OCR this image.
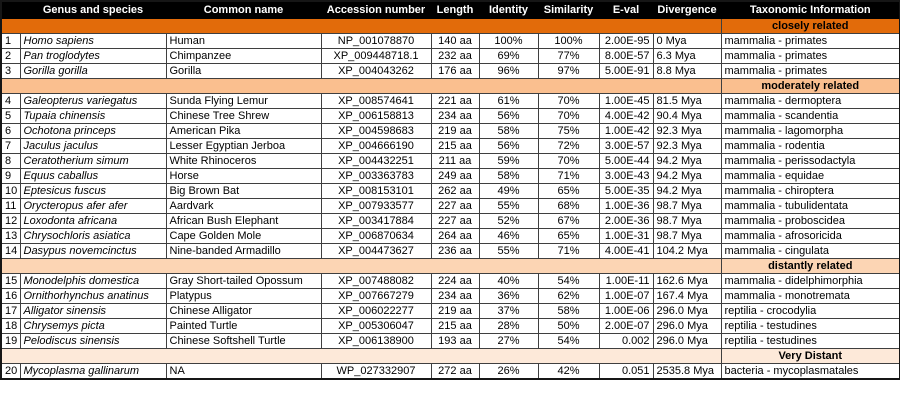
	Genus and species	Common name	Accession number	Length	Identity	Similarity	E-val	Divergence	Taxonomic Information
									closely related
1	Homo sapiens	Human	NP_001078870	140 aa	100%	100%	2.00E-95	0 Mya	mammalia - primates
2	Pan troglodytes	Chimpanzee	XP_009448718.1	232 aa	69%	77%	8.00E-57	6.3 Mya	mammalia - primates
3	Gorilla gorilla	Gorilla	XP_004043262	176 aa	96%	97%	5.00E-91	8.8 Mya	mammalia - primates
									moderately related
4	Galeopterus variegatus	Sunda Flying Lemur	XP_008574641	221 aa	61%	70%	1.00E-45	81.5 Mya	mammalia - dermoptera
5	Tupaia chinensis	Chinese Tree Shrew	XP_006158813	234 aa	56%	70%	4.00E-42	90.4 Mya	mammalia - scandentia
6	Ochotona princeps	American Pika	XP_004598683	219 aa	58%	75%	1.00E-42	92.3 Mya	mammalia - lagomorpha
7	Jaculus jaculus	Lesser Egyptian Jerboa	XP_004666190	215 aa	56%	72%	3.00E-57	92.3 Mya	mammalia - rodentia
8	Ceratotherium simum	White Rhinoceros	XP_004432251	211 aa	59%	70%	5.00E-44	94.2 Mya	mammalia - perissodactyla
9	Equus caballus	Horse	XP_003363783	249 aa	58%	71%	3.00E-43	94.2 Mya	mammalia - equidae
10	Eptesicus fuscus	Big Brown Bat	XP_008153101	262 aa	49%	65%	5.00E-35	94.2 Mya	mammalia - chiroptera
11	Orycteropus afer afer	Aardvark	XP_007933577	227 aa	55%	68%	1.00E-36	98.7 Mya	mammalia - tubulidentata
12	Loxodonta africana	African Bush Elephant	XP_003417884	227 aa	52%	67%	2.00E-36	98.7 Mya	mammalia - proboscidea
13	Chrysochloris asiatica	Cape Golden Mole	XP_006870634	264 aa	46%	65%	1.00E-31	98.7 Mya	mammalia - afrosoricida
14	Dasypus novemcinctus	Nine-banded Armadillo	XP_004473627	236 aa	55%	71%	4.00E-41	104.2 Mya	mammalia - cingulata
									distantly related
15	Monodelphis domestica	Gray Short-tailed Opossum	XP_007488082	224 aa	40%	54%	1.00E-11	162.6 Mya	mammalia - didelphimorphia
16	Ornithorhynchus anatinus	Platypus	XP_007667279	234 aa	36%	62%	1.00E-07	167.4 Mya	mammalia - monotremata
17	Alligator sinensis	Chinese Alligator	XP_006022277	219 aa	37%	58%	1.00E-06	296.0 Mya	reptilia - crocodylia
18	Chrysemys picta	Painted Turtle	XP_005306047	215 aa	28%	50%	2.00E-07	296.0 Mya	reptilia - testudines
19	Pelodiscus sinensis	Chinese Softshell Turtle	XP_006138900	193 aa	27%	54%	0.002	296.0 Mya	reptilia - testudines
									Very Distant
20	Mycoplasma gallinarum	NA	WP_027332907	272 aa	26%	42%	0.051	2535.8 Mya	bacteria - mycoplasmatales
